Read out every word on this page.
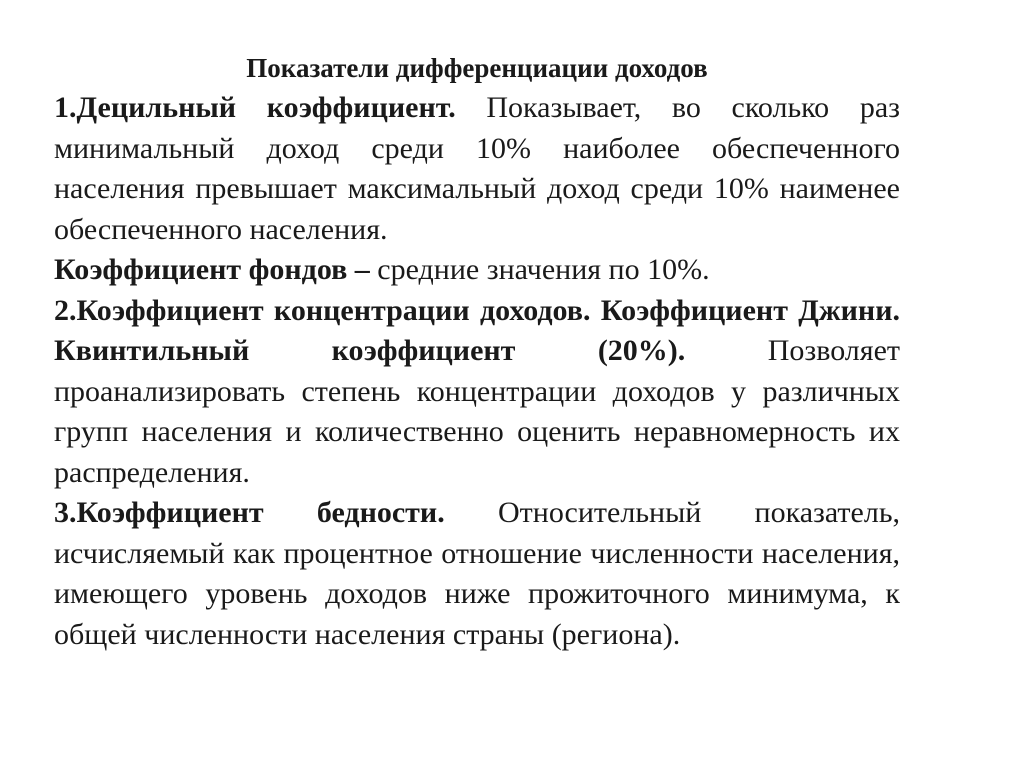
Показатели дифференциации доходов

1.Децильный коэффициент. Показывает, во сколько раз минимальный доход среди 10% наиболее обеспеченного населения превышает максимальный доход среди 10% наименее обеспеченного населения.

Коэффициент фондов – средние значения по 10%.

2.Коэффициент концентрации доходов. Коэффициент Джини. Квинтильный коэффициент (20%). Позволяет проанализировать степень концентрации доходов у различных групп населения и количественно оценить неравномерность их распределения.

3.Коэффициент бедности. Относительный показатель, исчисляемый как процентное отношение численности населения, имеющего уровень доходов ниже прожиточного минимума, к общей численности населения страны (региона).
